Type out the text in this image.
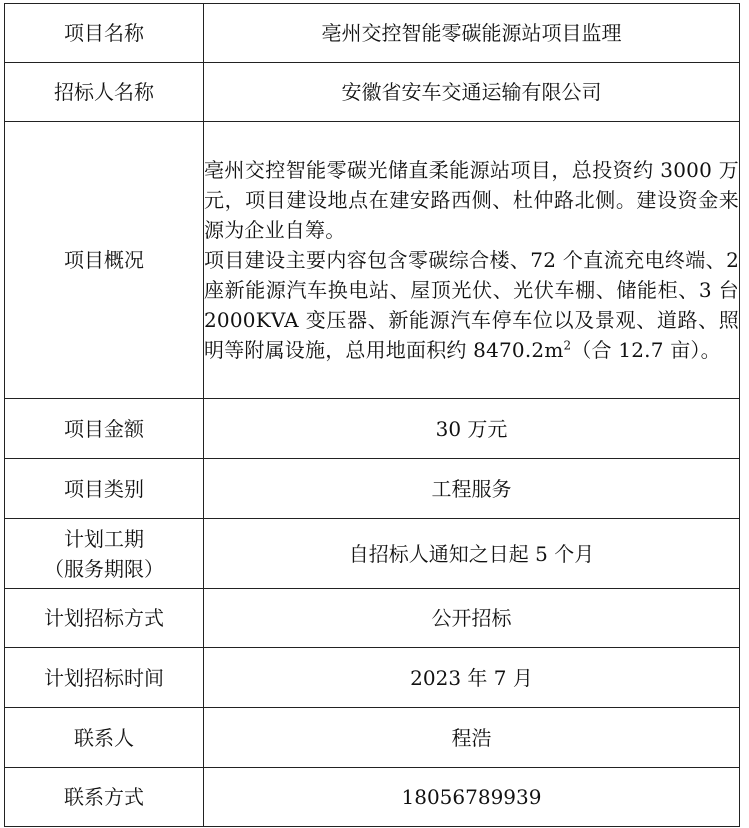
项目名称	亳州交控智能零碳能源站项目监理
招标人名称	安徽省安车交通运输有限公司
项目概况	亳州交控智能零碳光储直柔能源站项目，总投资约 3000 万元，项目建设地点在建安路西侧、杜仲路北侧。建设资金来源为企业自筹。
项目建设主要内容包含零碳综合楼、72 个直流充电终端、2 座新能源汽车换电站、屋顶光伏、光伏车棚、储能柜、3 台 2000KVA 变压器、新能源汽车停车位以及景观、道路、照明等附属设施，总用地面积约 $8470.2m^2$（合 12.7 亩）。

项目金额	30 万元
项目类别	工程服务

计划工期
（服务期限）	自招标人通知之日起 5 个月
计划招标方式	公开招标
计划招标时间	2023 年 7 月
联系人	程浩
联系方式	18056789939
